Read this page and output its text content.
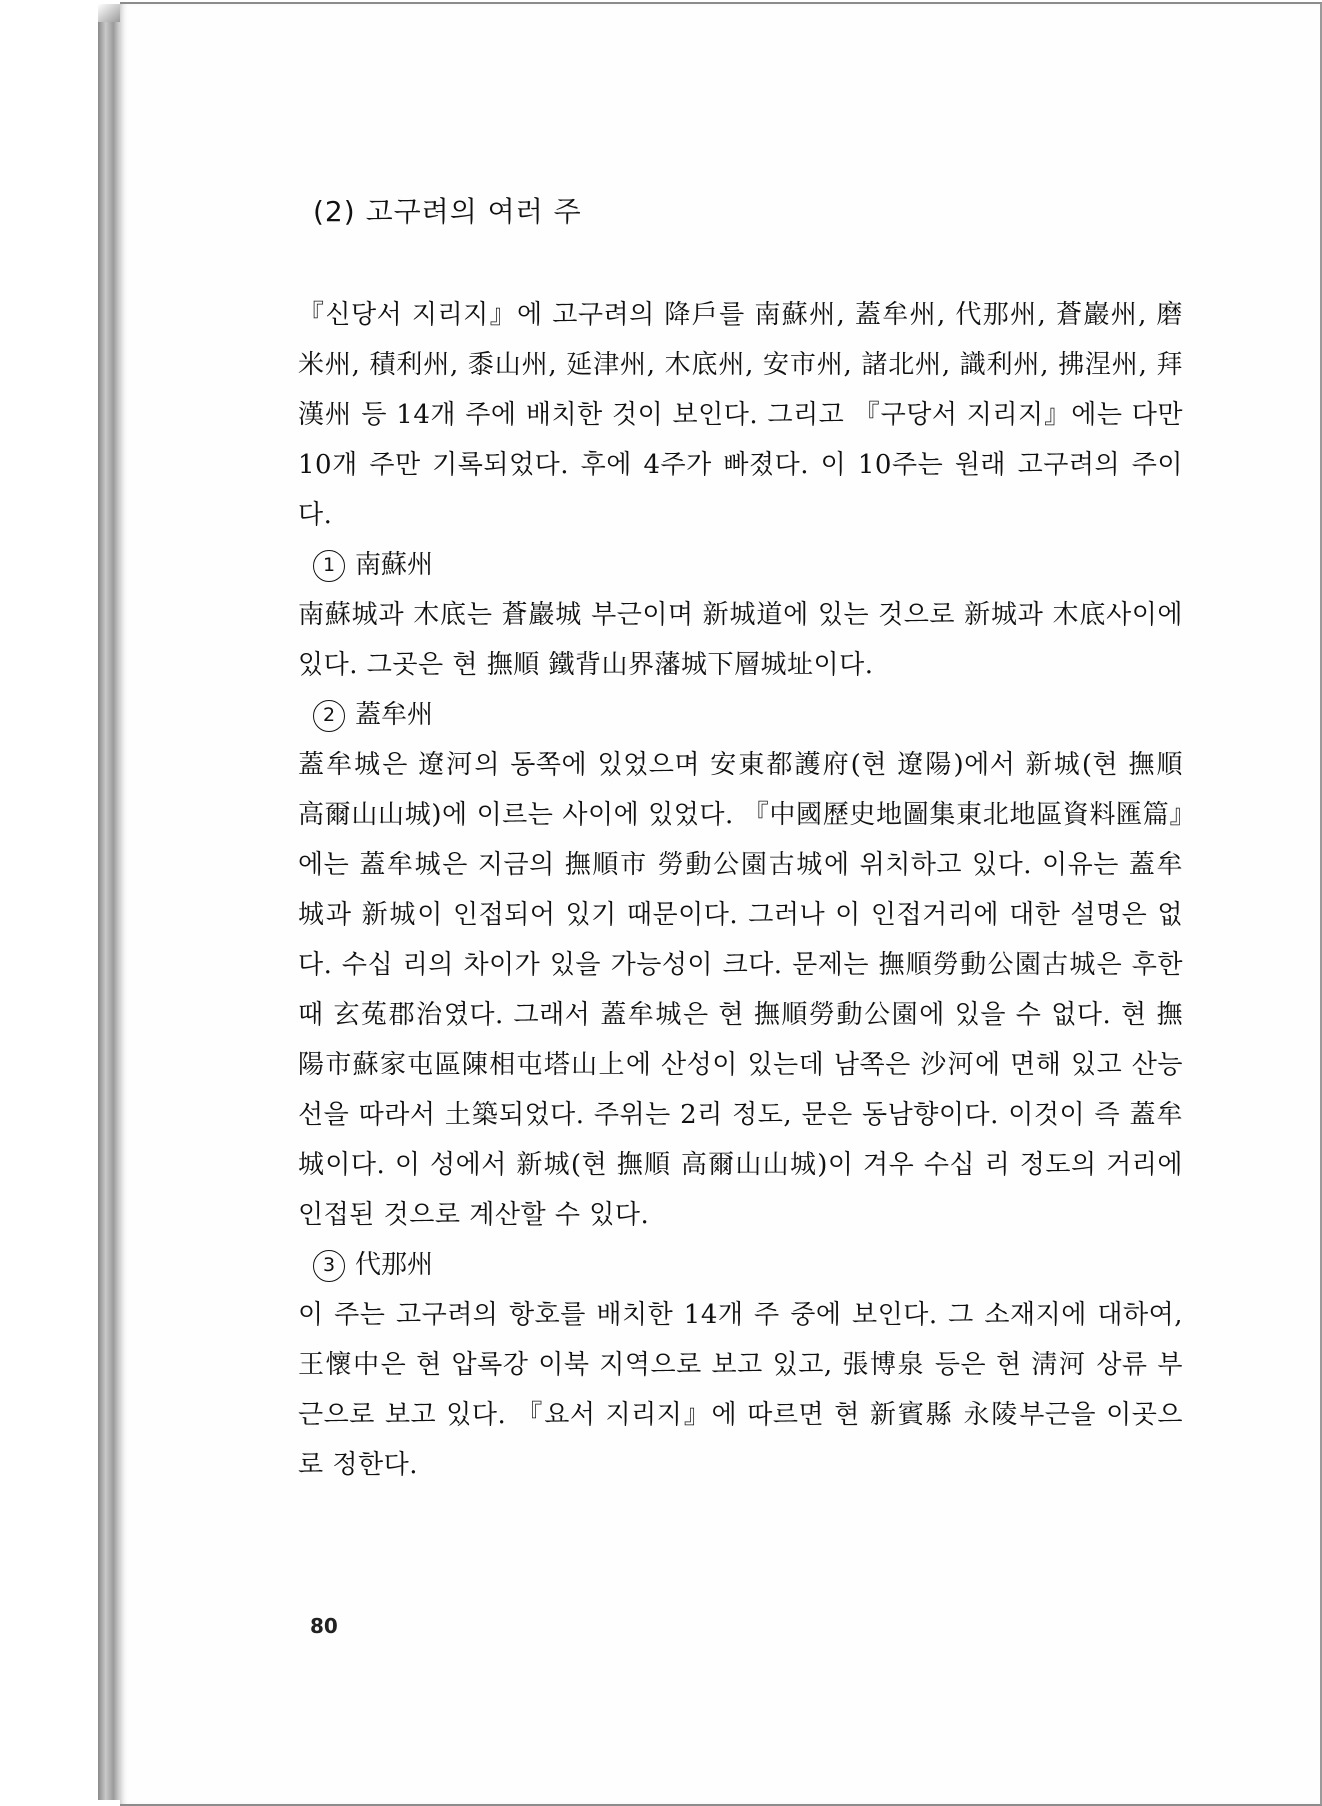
(2) 고구려의 여러 주

『신당서 지리지』에 고구려의 降戶를 南蘇州, 蓋牟州, 代那州, 蒼巖州, 磨米州, 積利州, 黍山州, 延津州, 木底州, 安市州, 諸北州, 識利州, 拂涅州, 拜漢州 등 14개 주에 배치한 것이 보인다. 그리고 『구당서 지리지』에는 다만 10개 주만 기록되었다. 후에 4주가 빠졌다. 이 10주는 원래 고구려의 주이다.

1 南蘇州

南蘇城과 木底는 蒼巖城 부근이며 新城道에 있는 것으로 新城과 木底사이에 있다. 그곳은 현 撫順 鐵背山界藩城下層城址이다.

2 蓋牟州

蓋牟城은 遼河의 동쪽에 있었으며 安東都護府(현 遼陽)에서 新城(현 撫順 高爾山山城)에 이르는 사이에 있었다. 『中國歷史地圖集東北地區資料匯篇』에는 蓋牟城은 지금의 撫順市 勞動公園古城에 위치하고 있다. 이유는 蓋牟城과 新城이 인접되어 있기 때문이다. 그러나 이 인접거리에 대한 설명은 없다. 수십 리의 차이가 있을 가능성이 크다. 문제는 撫順勞動公園古城은 후한 때 玄菟郡治였다. 그래서 蓋牟城은 현 撫順勞動公園에 있을 수 없다. 현 撫陽市蘇家屯區陳相屯塔山上에 산성이 있는데 남쪽은 沙河에 면해 있고 산능선을 따라서 土築되었다. 주위는 2리 정도, 문은 동남향이다. 이것이 즉 蓋牟城이다. 이 성에서 新城(현 撫順 高爾山山城)이 겨우 수십 리 정도의 거리에 인접된 것으로 계산할 수 있다.

3 代那州

이 주는 고구려의 항호를 배치한 14개 주 중에 보인다. 그 소재지에 대하여, 王懷中은 현 압록강 이북 지역으로 보고 있고, 張博泉 등은 현 淸河 상류 부근으로 보고 있다. 『요서 지리지』에 따르면 현 新賓縣 永陵부근을 이곳으로 정한다.

80
